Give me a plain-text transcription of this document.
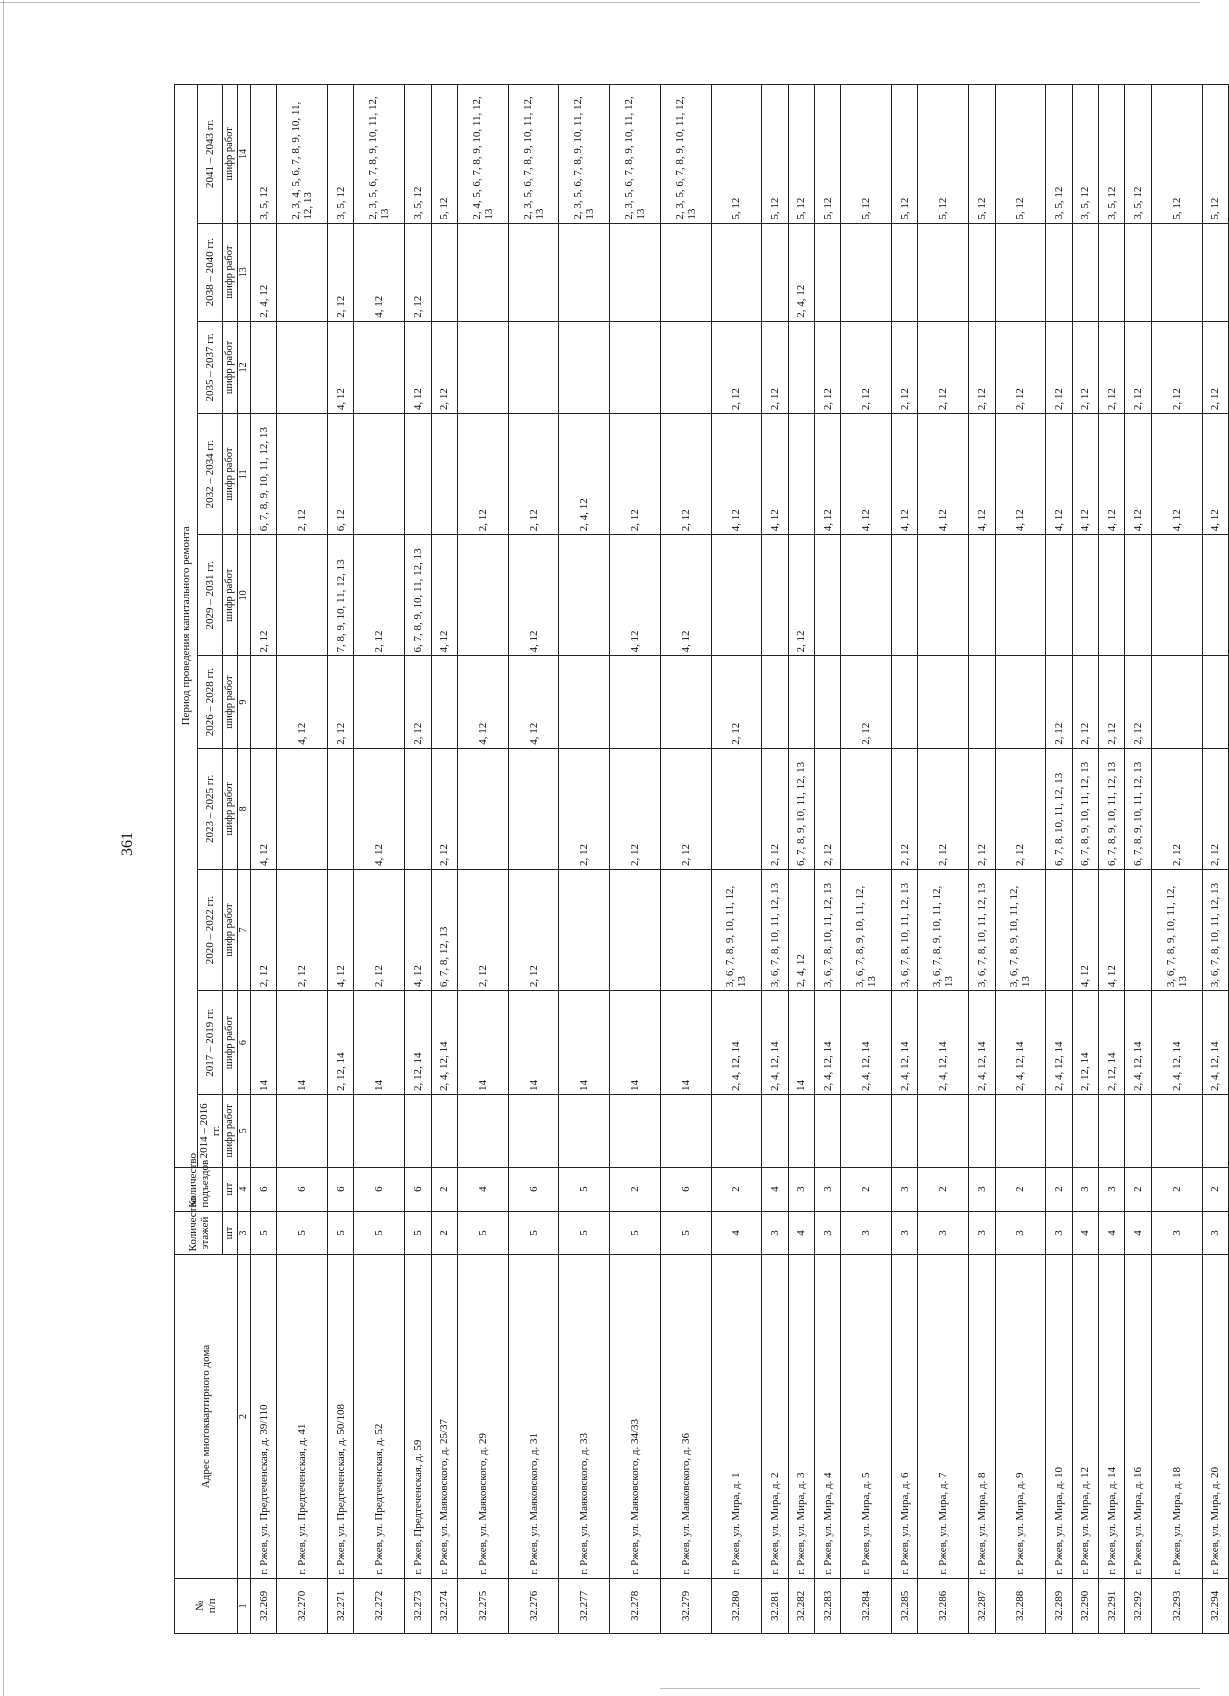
361
№
п/п	Адрес многоквартирного дома	Количество этажей	Количество подъездов	Период проведения капитального ремонта									
				2014 – 2016 гг.	2017 – 2019 гг.	2020 – 2022 гг.	2023 – 2025 гг.	2026 – 2028 гг.	2029 – 2031 гг.	2032 – 2034 гг.	2035 – 2037 гг.	2038 – 2040 гг.	2041 – 2043 гг.
		шт	шт	шифр работ	шифр работ	шифр работ	шифр работ	шифр работ	шифр работ	шифр работ	шифр работ	шифр работ	шифр работ
1	2	3	4	5	6	7	8	9	10	11	12	13	14
32.269	г. Ржев, ул. Предтеченская, д. 39/110	5	6		14	2, 12	4, 12		2, 12	6, 7, 8, 9, 10, 11, 12, 13		2, 4, 12	3, 5, 12
32.270	г. Ржев, ул. Предтеченская, д. 41	5	6		14	2, 12		4, 12		2, 12			2, 3, 4, 5, 6, 7, 8, 9, 10, 11, 12, 13
32.271	г. Ржев, ул. Предтеченская, д. 50/108	5	6		2, 12, 14	4, 12		2, 12	7, 8, 9, 10, 11, 12, 13	6, 12	4, 12	2, 12	3, 5, 12
32.272	г. Ржев, ул. Предтеченская, д. 52	5	6		14	2, 12	4, 12		2, 12			4, 12	2, 3, 5, 6, 7, 8, 9, 10, 11, 12, 13
32.273	г. Ржев, Предтеченская, д. 59	5	6		2, 12, 14	4, 12		2, 12	6, 7, 8, 9, 10, 11, 12, 13		4, 12	2, 12	3, 5, 12
32.274	г. Ржев, ул. Маяковского, д. 25/37	2	2		2, 4, 12, 14	6, 7, 8, 12, 13	2, 12		4, 12		2, 12		5, 12
32.275	г. Ржев, ул. Маяковского, д. 29	5	4		14	2, 12		4, 12		2, 12			2, 4, 5, 6, 7, 8, 9, 10, 11, 12, 13
32.276	г. Ржев, ул. Маяковского, д. 31	5	6		14	2, 12		4, 12	4, 12	2, 12			2, 3, 5, 6, 7, 8, 9, 10, 11, 12, 13
32.277	г. Ржев, ул. Маяковского, д. 33	5	5		14		2, 12			2, 4, 12			2, 3, 5, 6, 7, 8, 9, 10, 11, 12, 13
32.278	г. Ржев, ул. Маяковского, д. 34/33	5	2		14		2, 12		4, 12	2, 12			2, 3, 5, 6, 7, 8, 9, 10, 11, 12, 13
32.279	г. Ржев, ул. Маяковского, д. 36	5	6		14		2, 12		4, 12	2, 12			2, 3, 5, 6, 7, 8, 9, 10, 11, 12, 13
32.280	г. Ржев, ул. Мира, д. 1	4	2		2, 4, 12, 14	3, 6, 7, 8, 9, 10, 11, 12, 13		2, 12		4, 12	2, 12		5, 12
32.281	г. Ржев, ул. Мира, д. 2	3	4		2, 4, 12, 14	3, 6, 7, 8, 10, 11, 12, 13	2, 12			4, 12	2, 12		5, 12
32.282	г. Ржев, ул. Мира, д. 3	4	3		14	2, 4, 12	6, 7, 8, 9, 10, 11, 12, 13		2, 12			2, 4, 12	5, 12
32.283	г. Ржев, ул. Мира, д. 4	3	3		2, 4, 12, 14	3, 6, 7, 8, 10, 11, 12, 13	2, 12			4, 12	2, 12		5, 12
32.284	г. Ржев, ул. Мира, д. 5	3	2		2, 4, 12, 14	3, 6, 7, 8, 9, 10, 11, 12, 13		2, 12		4, 12	2, 12		5, 12
32.285	г. Ржев, ул. Мира, д. 6	3	3		2, 4, 12, 14	3, 6, 7, 8, 10, 11, 12, 13	2, 12			4, 12	2, 12		5, 12
32.286	г. Ржев, ул. Мира, д. 7	3	2		2, 4, 12, 14	3, 6, 7, 8, 9, 10, 11, 12, 13	2, 12			4, 12	2, 12		5, 12
32.287	г. Ржев, ул. Мира, д. 8	3	3		2, 4, 12, 14	3, 6, 7, 8, 10, 11, 12, 13	2, 12			4, 12	2, 12		5, 12
32.288	г. Ржев, ул. Мира, д. 9	3	2		2, 4, 12, 14	3, 6, 7, 8, 9, 10, 11, 12, 13	2, 12			4, 12	2, 12		5, 12
32.289	г. Ржев, ул. Мира, д. 10	3	2		2, 4, 12, 14		6, 7, 8, 10, 11, 12, 13	2, 12		4, 12	2, 12		3, 5, 12
32.290	г. Ржев, ул. Мира, д. 12	4	3		2, 12, 14	4, 12	6, 7, 8, 9, 10, 11, 12, 13	2, 12		4, 12	2, 12		3, 5, 12
32.291	г. Ржев, ул. Мира, д. 14	4	3		2, 12, 14	4, 12	6, 7, 8, 9, 10, 11, 12, 13	2, 12		4, 12	2, 12		3, 5, 12
32.292	г. Ржев, ул. Мира, д. 16	4	2		2, 4, 12, 14		6, 7, 8, 9, 10, 11, 12, 13	2, 12		4, 12	2, 12		3, 5, 12
32.293	г. Ржев, ул. Мира, д. 18	3	2		2, 4, 12, 14	3, 6, 7, 8, 9, 10, 11, 12, 13	2, 12			4, 12	2, 12		5, 12
32.294	г. Ржев, ул. Мира, д. 20	3	2		2, 4, 12, 14	3, 6, 7, 8, 10, 11, 12, 13	2, 12			4, 12	2, 12		5, 12
